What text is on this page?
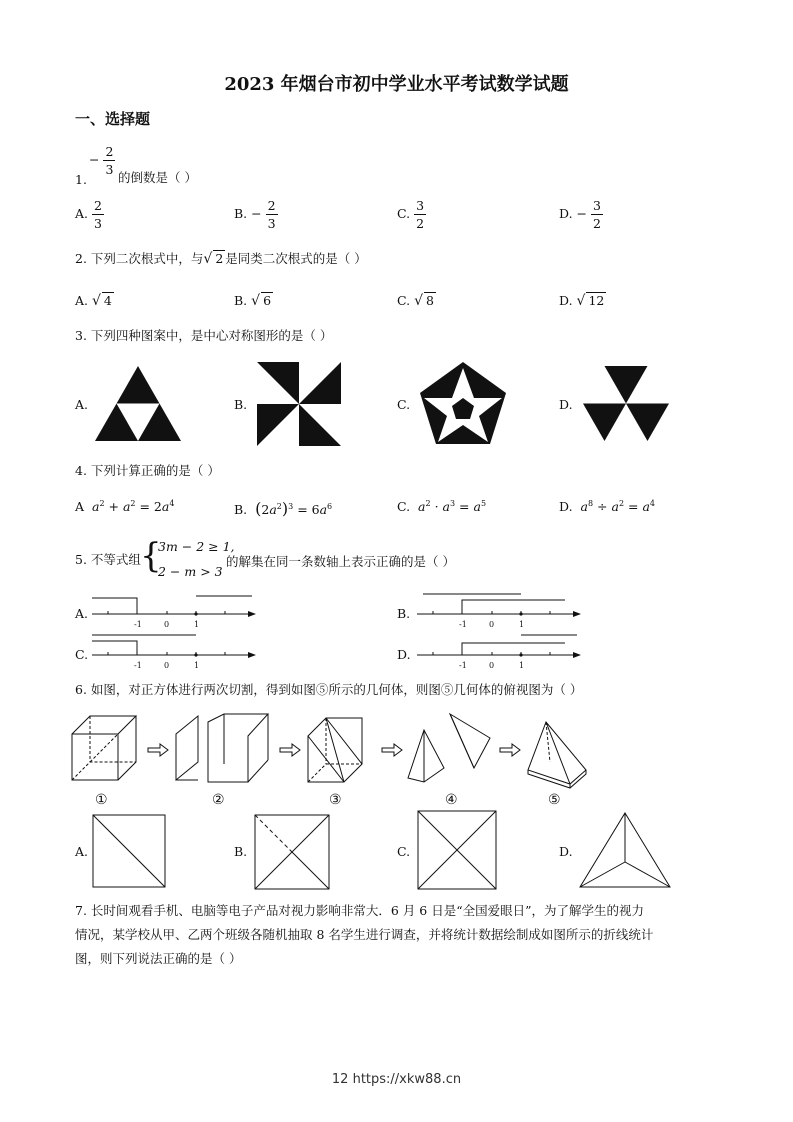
2023 年烟台市初中学业水平考试数学试题
一、选择题
− $\frac{2}{3}$
1. 的倒数是（ ）
A. $\frac{2}{3}$	B. − $\frac{2}{3}$	C. $\frac{3}{2}$	D. − $\frac{3}{2}$
2. 下列二次根式中，与√ 2 是同类二次根式的是（ ）
A. √ 4	B. √ 6	C. √ 8	D. √ 12
3. 下列四种图案中，是中心对称图形的是（ ）
A.	B.	C.	D.
4. 下列计算正确的是（ ）
A $a^2 + a^2 = 2a^4$	B. $(2a^2)^3 = 6a^6$	C. $a^2 \cdot a^3 = a^5$	D. $a^8 \div a^2 = a^4$
5. 不等式组 {
3m − 2 ≥ 1,
2 − m > 3
的解集在同一条数轴上表示正确的是（ ）
A.	B.
C.	D.
-1	0	1	-1	0	1
-1	0	1	-1	0	1
6. 如图，对正方体进行两次切割，得到如图⑤所示的几何体，则图⑤几何体的俯视图为（ ）
①	②	③	④	⑤
A.	B.	C.	D.
7. 长时间观看手机、电脑等电子产品对视力影响非常大．6 月 6 日是“全国爱眼日”，为了解学生的视力
情况，某学校从甲、乙两个班级各随机抽取 8 名学生进行调查，并将统计数据绘制成如图所示的折线统计
图，则下列说法正确的是（ ）
12 https://xkw88.cn
